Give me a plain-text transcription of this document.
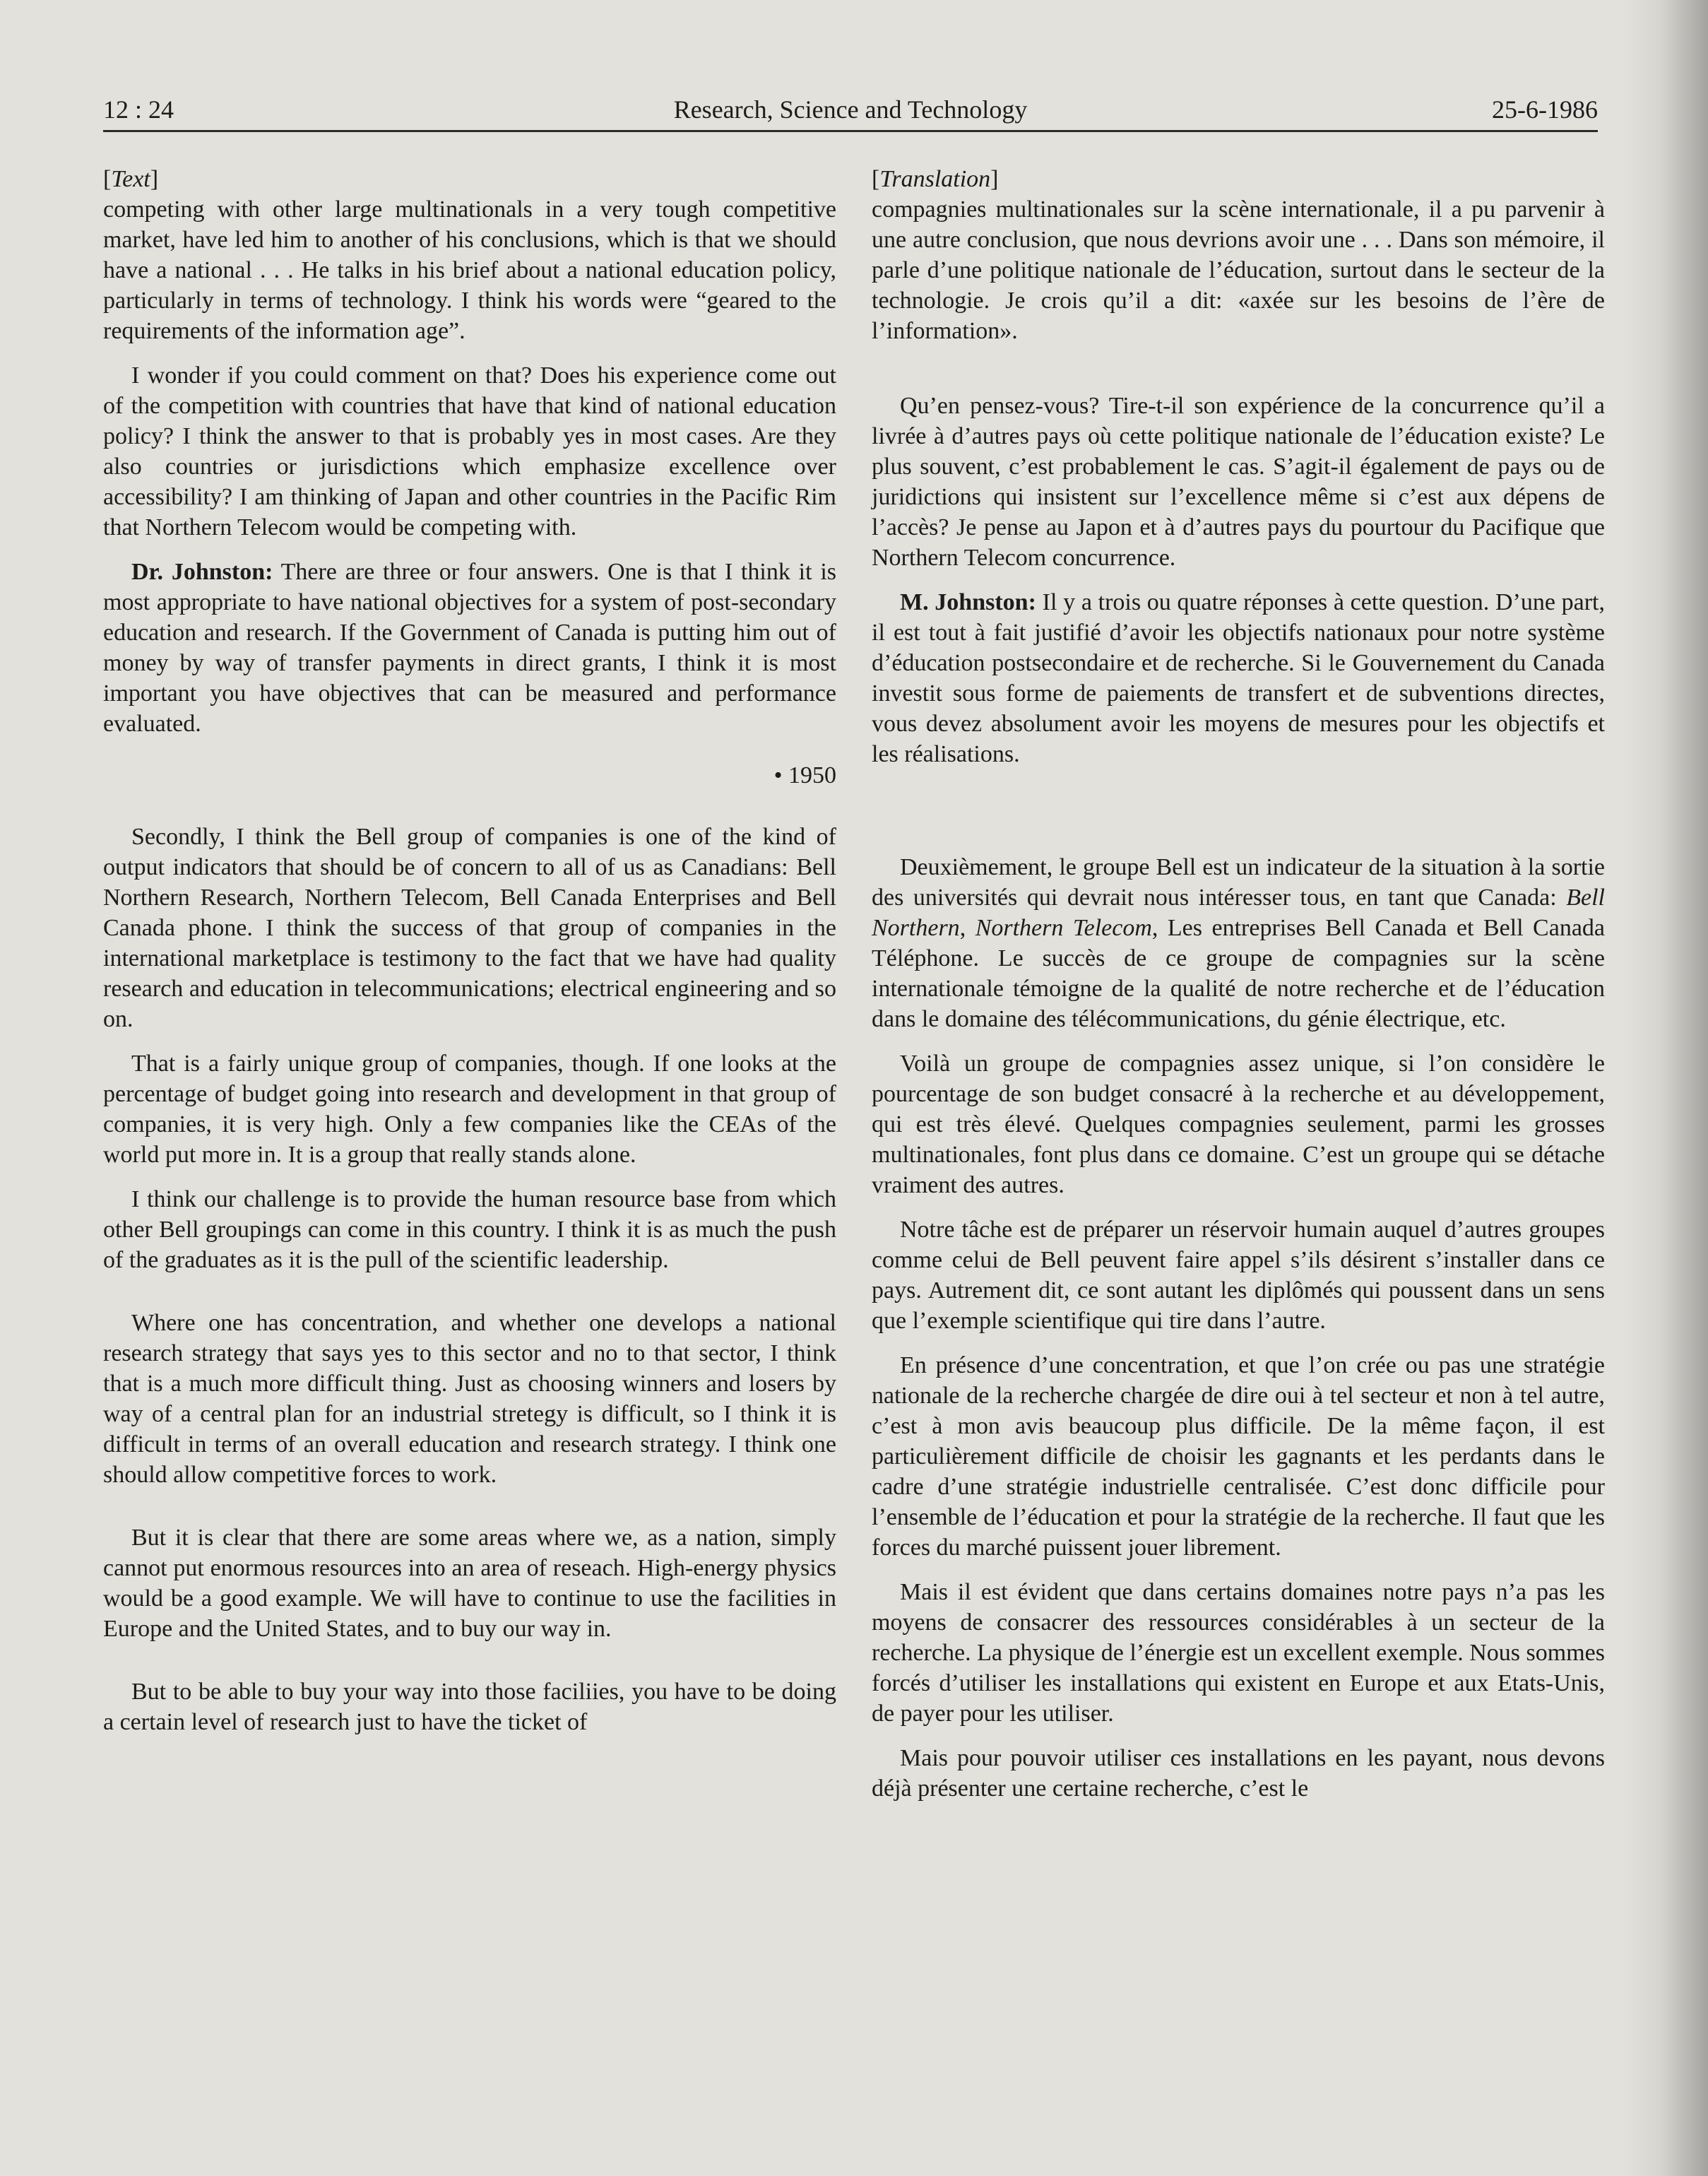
12 : 24	Research, Science and Technology	25-6-1986

[Text]

competing with other large multinationals in a very tough competitive market, have led him to another of his conclusions, which is that we should have a national . . . He talks in his brief about a national education policy, particularly in terms of technology. I think his words were “geared to the requirements of the information age”.

I wonder if you could comment on that? Does his experience come out of the competition with countries that have that kind of national education policy? I think the answer to that is probably yes in most cases. Are they also countries or jurisdictions which emphasize excellence over accessibility? I am thinking of Japan and other countries in the Pacific Rim that Northern Telecom would be competing with.

Dr. Johnston: There are three or four answers. One is that I think it is most appropriate to have national objectives for a system of post-secondary education and research. If the Government of Canada is putting him out of money by way of transfer payments in direct grants, I think it is most important you have objectives that can be measured and performance evaluated.

• 1950

Secondly, I think the Bell group of companies is one of the kind of output indicators that should be of concern to all of us as Canadians: Bell Northern Research, Northern Telecom, Bell Canada Enterprises and Bell Canada phone. I think the success of that group of companies in the international marketplace is testimony to the fact that we have had quality research and education in telecommunications; electrical engineering and so on.

That is a fairly unique group of companies, though. If one looks at the percentage of budget going into research and development in that group of companies, it is very high. Only a few companies like the CEAs of the world put more in. It is a group that really stands alone.

I think our challenge is to provide the human resource base from which other Bell groupings can come in this country. I think it is as much the push of the graduates as it is the pull of the scientific leadership.

Where one has concentration, and whether one develops a national research strategy that says yes to this sector and no to that sector, I think that is a much more difficult thing. Just as choosing winners and losers by way of a central plan for an industrial stretegy is difficult, so I think it is difficult in terms of an overall education and research strategy. I think one should allow competitive forces to work.

But it is clear that there are some areas where we, as a nation, simply cannot put enormous resources into an area of reseach. High-energy physics would be a good example. We will have to continue to use the facilities in Europe and the United States, and to buy our way in.

But to be able to buy your way into those faciliies, you have to be doing a certain level of research just to have the ticket of

[Translation]

compagnies multinationales sur la scène internationale, il a pu parvenir à une autre conclusion, que nous devrions avoir une . . . Dans son mémoire, il parle d’une politique nationale de l’éducation, surtout dans le secteur de la technologie. Je crois qu’il a dit: «axée sur les besoins de l’ère de l’information».

Qu’en pensez-vous? Tire-t-il son expérience de la concurrence qu’il a livrée à d’autres pays où cette politique nationale de l’éducation existe? Le plus souvent, c’est probablement le cas. S’agit-il également de pays ou de juridictions qui insistent sur l’excellence même si c’est aux dépens de l’accès? Je pense au Japon et à d’autres pays du pourtour du Pacifique que Northern Telecom concurrence.

M. Johnston: Il y a trois ou quatre réponses à cette question. D’une part, il est tout à fait justifié d’avoir les objectifs nationaux pour notre système d’éducation postsecondaire et de recherche. Si le Gouvernement du Canada investit sous forme de paiements de transfert et de subventions directes, vous devez absolument avoir les moyens de mesures pour les objectifs et les réalisations.

Deuxièmement, le groupe Bell est un indicateur de la situation à la sortie des universités qui devrait nous intéresser tous, en tant que Canada: Bell Northern, Northern Telecom, Les entreprises Bell Canada et Bell Canada Téléphone. Le succès de ce groupe de compagnies sur la scène internationale témoigne de la qualité de notre recherche et de l’éducation dans le domaine des télécommunications, du génie électrique, etc.

Voilà un groupe de compagnies assez unique, si l’on considère le pourcentage de son budget consacré à la recherche et au développement, qui est très élevé. Quelques compagnies seulement, parmi les grosses multinationales, font plus dans ce domaine. C’est un groupe qui se détache vraiment des autres.

Notre tâche est de préparer un réservoir humain auquel d’autres groupes comme celui de Bell peuvent faire appel s’ils désirent s’installer dans ce pays. Autrement dit, ce sont autant les diplômés qui poussent dans un sens que l’exemple scientifique qui tire dans l’autre.

En présence d’une concentration, et que l’on crée ou pas une stratégie nationale de la recherche chargée de dire oui à tel secteur et non à tel autre, c’est à mon avis beaucoup plus difficile. De la même façon, il est particulièrement difficile de choisir les gagnants et les perdants dans le cadre d’une stratégie industrielle centralisée. C’est donc difficile pour l’ensemble de l’éducation et pour la stratégie de la recherche. Il faut que les forces du marché puissent jouer librement.

Mais il est évident que dans certains domaines notre pays n’a pas les moyens de consacrer des ressources considérables à un secteur de la recherche. La physique de l’énergie est un excellent exemple. Nous sommes forcés d’utiliser les installations qui existent en Europe et aux Etats-Unis, de payer pour les utiliser.

Mais pour pouvoir utiliser ces installations en les payant, nous devons déjà présenter une certaine recherche, c’est le
